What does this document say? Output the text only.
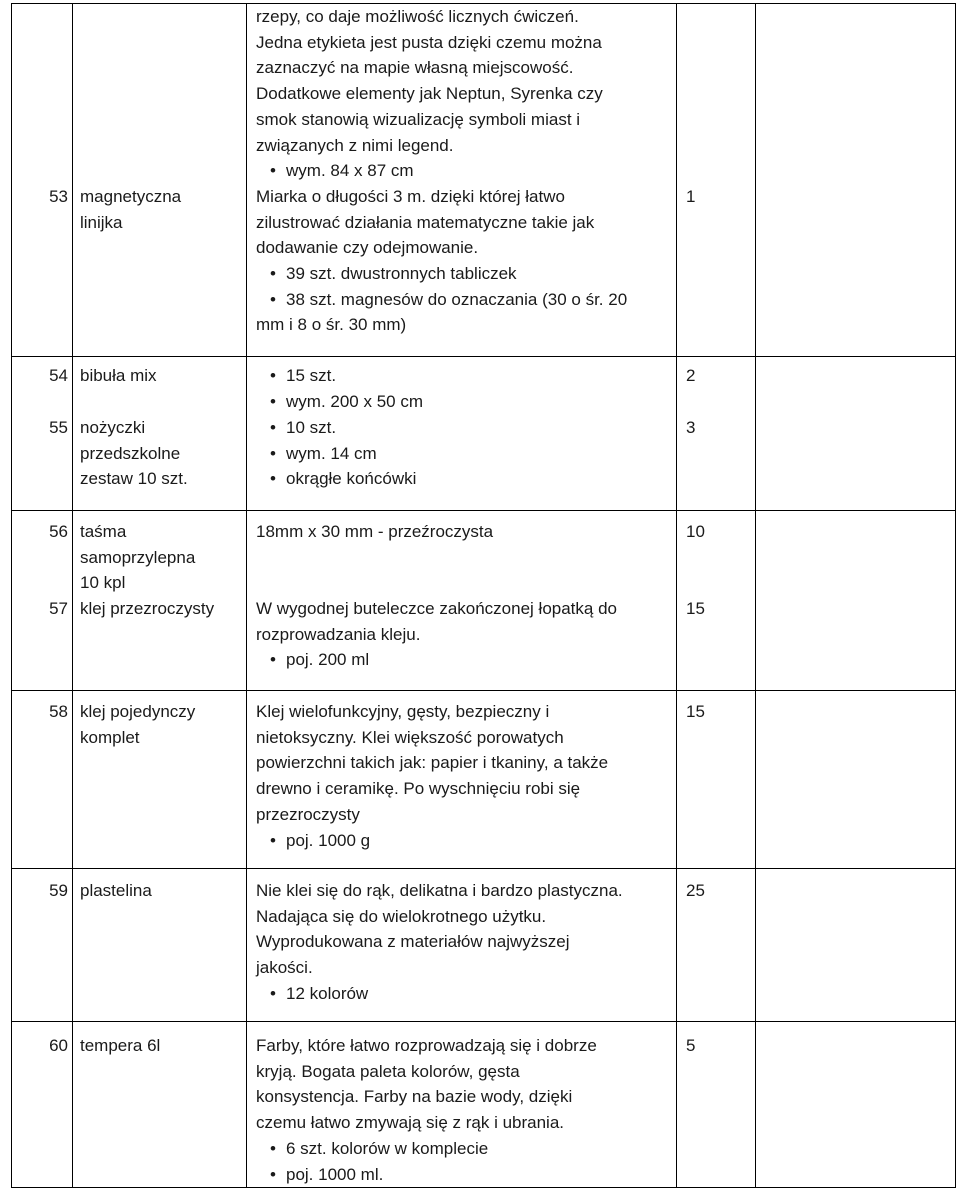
53 magnetyczna
linijka
rzepy, co daje możliwość licznych ćwiczeń.
Jedna etykieta jest pusta dzięki czemu można
zaznaczyć na mapie własną miejscowość.
Dodatkowe elementy jak Neptun, Syrenka czy
smok stanowią wizualizację symboli miast i
związanych z nimi legend.
• wym. 84 x 87 cm
Miarka o długości 3 m. dzięki której łatwo
zilustrować działania matematyczne takie jak
dodawanie czy odejmowanie.
• 39 szt. dwustronnych tabliczek
• 38 szt. magnesów do oznaczania (30 o śr. 20
mm i 8 o śr. 30 mm)
1
54 bibuła mix
•	15 szt.
• wym. 200 x 50 cm
2
55 nożyczki
przedszkolne
zestaw 10 szt.
• 10 szt.
• wym. 14 cm
• okrągłe końcówki
3
56 taśma
samoprzylepna
10 kpl
18mm x 30 mm - przeźroczysta	10
57 klej przezroczysty W wygodnej buteleczce zakończonej łopatką do
rozprowadzania kleju.
• poj. 200 ml
15
58 klej pojedynczy
komplet
Klej wielofunkcyjny, gęsty, bezpieczny i
nietoksyczny. Klei większość porowatych
powierzchni takich jak: papier i tkaniny, a także
drewno i ceramikę. Po wyschnięciu robi się
przezroczysty
• poj. 1000 g
15
59 plastelina	Nie klei się do rąk, delikatna i bardzo plastyczna.
Nadająca się do wielokrotnego użytku.
Wyprodukowana z materiałów najwyższej
jakości.
• 12 kolorów
25
60 tempera 6l	Farby, które łatwo rozprowadzają się i dobrze
kryją. Bogata paleta kolorów, gęsta
konsystencja. Farby na bazie wody, dzięki
czemu łatwo zmywają się z rąk i ubrania.
• 6 szt. kolorów w komplecie
• poj. 1000 ml.
5
